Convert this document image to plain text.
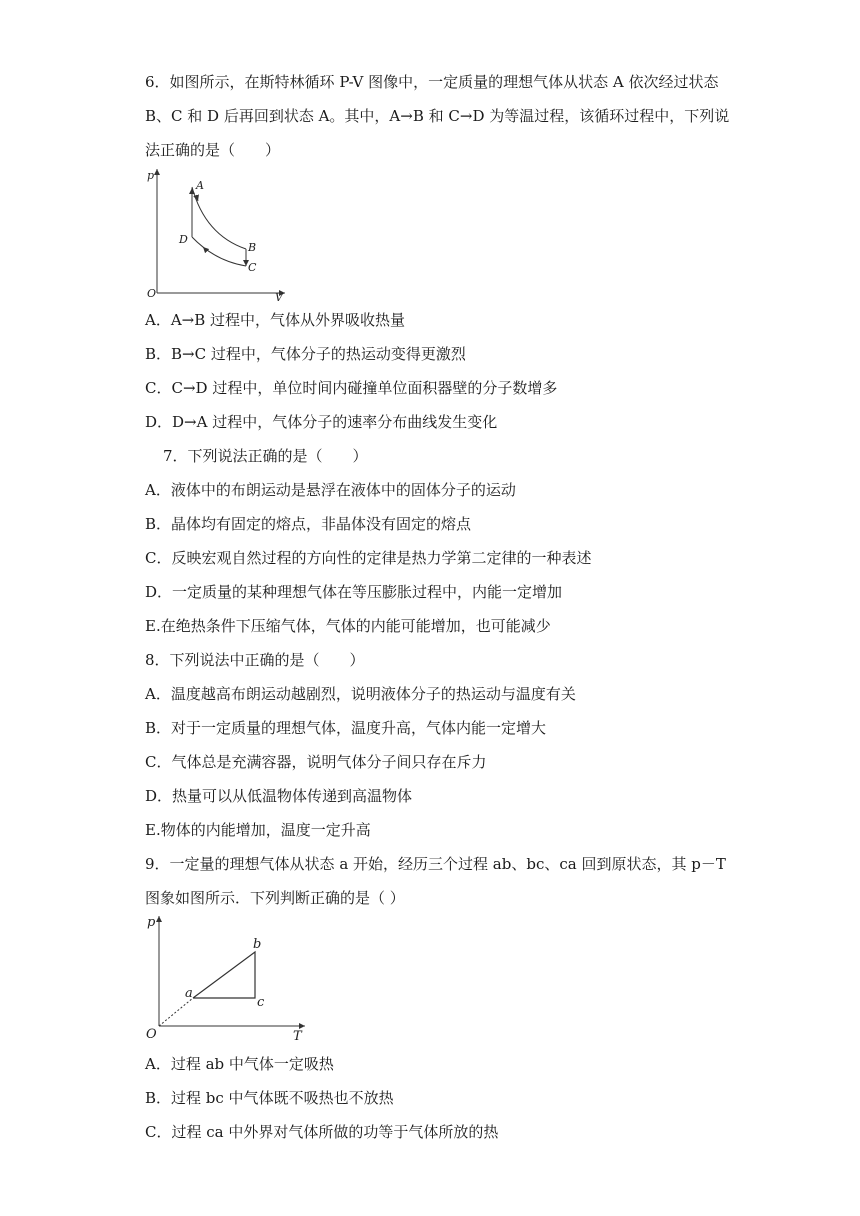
6．如图所示，在斯特林循环 P-V 图像中，一定质量的理想气体从状态 A 依次经过状态
B、C 和 D 后再回到状态 A。其中，A→B 和 C→D 为等温过程，该循环过程中，下列说
法正确的是（　　）
p
V
O
A
B
C
D
A．A→B 过程中，气体从外界吸收热量
B．B→C 过程中，气体分子的热运动变得更激烈
C．C→D 过程中，单位时间内碰撞单位面积器壁的分子数增多
D．D→A 过程中，气体分子的速率分布曲线发生变化
7．下列说法正确的是（　　）
A．液体中的布朗运动是悬浮在液体中的固体分子的运动
B．晶体均有固定的熔点，非晶体没有固定的熔点
C．反映宏观自然过程的方向性的定律是热力学第二定律的一种表述
D．一定质量的某种理想气体在等压膨胀过程中，内能一定增加
E.在绝热条件下压缩气体，气体的内能可能增加，也可能减少
8．下列说法中正确的是（　　）
A．温度越高布朗运动越剧烈，说明液体分子的热运动与温度有关
B．对于一定质量的理想气体，温度升高，气体内能一定增大
C．气体总是充满容器，说明气体分子间只存在斥力
D．热量可以从低温物体传递到高温物体
E.物体的内能增加，温度一定升高
9．一定量的理想气体从状态 a 开始，经历三个过程 ab、bc、ca 回到原状态，其 p－T
图象如图所示．下列判断正确的是（ ）
p
T
O
a
b
c
A．过程 ab 中气体一定吸热
B．过程 bc 中气体既不吸热也不放热
C．过程 ca 中外界对气体所做的功等于气体所放的热
